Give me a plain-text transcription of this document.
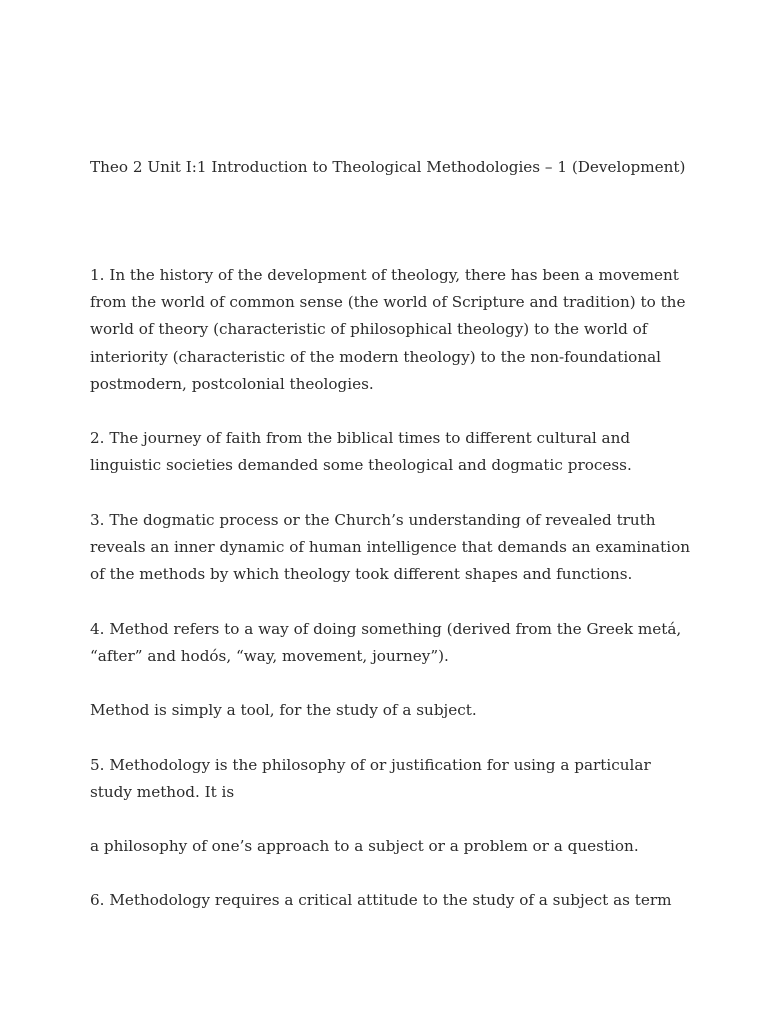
Theo 2 Unit I:1 Introduction to Theological Methodologies – 1 (Development)

1. In the history of the development of theology, there has been a movement from the world of common sense (the world of Scripture and tradition) to the world of theory (characteristic of philosophical theology) to the world of interiority (characteristic of the modern theology) to the non-foundational postmodern, postcolonial theologies.

2. The journey of faith from the biblical times to different cultural and linguistic societies demanded some theological and dogmatic process.

3. The dogmatic process or the Church’s understanding of revealed truth reveals an inner dynamic of human intelligence that demands an examination of the methods by which theology took different shapes and functions.

4. Method refers to a way of doing something (derived from the Greek metá, “after” and hodós, “way, movement, journey”).

Method is simply a tool, for the study of a subject.

5. Methodology is the philosophy of or justification for using a particular study method. It is

a philosophy of one’s approach to a subject or a problem or a question.

6. Methodology requires a critical attitude to the study of a subject as term
